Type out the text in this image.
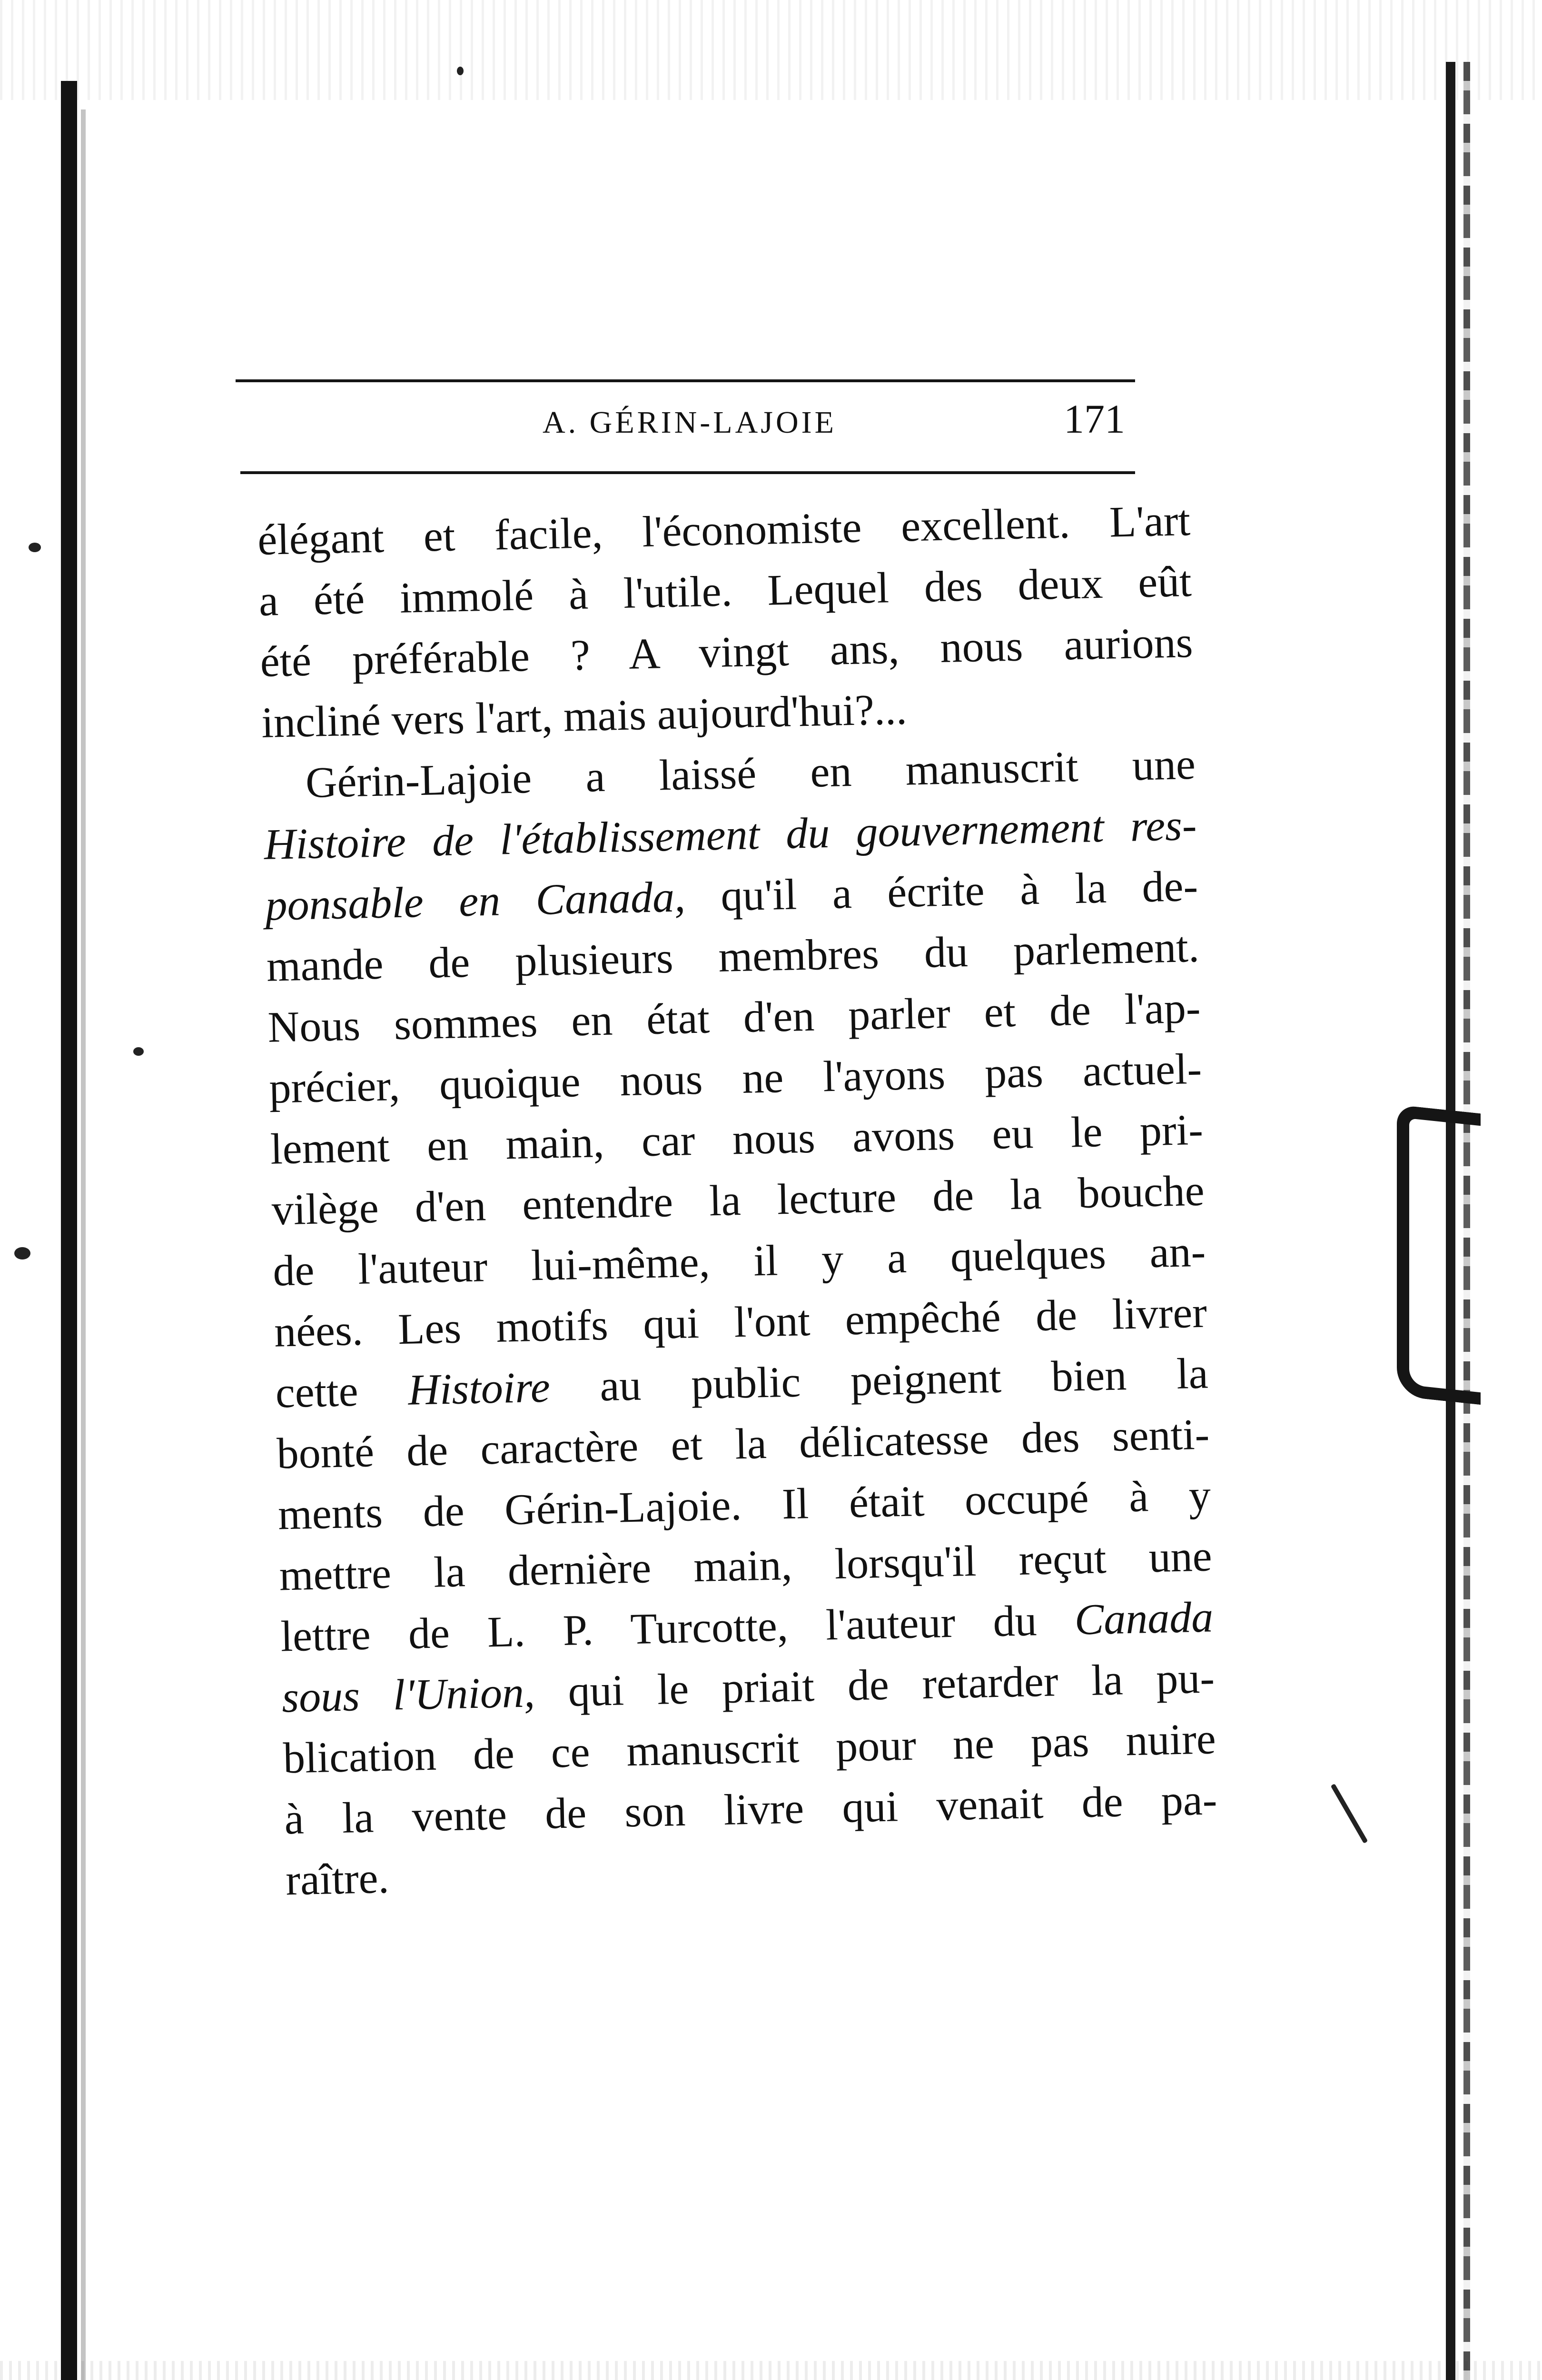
A. GÉRIN-LAJOIE	171
élégant et facile, l'économiste excellent. L'art
a été immolé à l'utile. Lequel des deux eût
été préférable ? A vingt ans, nous aurions
incliné vers l'art, mais aujourd'hui?...
Gérin-Lajoie a laissé en manuscrit une
Histoire de l'établissement du gouvernement res-
ponsable en Canada, qu'il a écrite à la de-
mande de plusieurs membres du parlement.
Nous sommes en état d'en parler et de l'ap-
précier, quoique nous ne l'ayons pas actuel-
lement en main, car nous avons eu le pri-
vilège d'en entendre la lecture de la bouche
de l'auteur lui-même, il y a quelques an-
nées. Les motifs qui l'ont empêché de livrer
cette Histoire au public peignent bien la
bonté de caractère et la délicatesse des senti-
ments de Gérin-Lajoie. Il était occupé à y
mettre la dernière main, lorsqu'il reçut une
lettre de L. P. Turcotte, l'auteur du Canada
sous l'Union, qui le priait de retarder la pu-
blication de ce manuscrit pour ne pas nuire
à la vente de son livre qui venait de pa-
raître.
